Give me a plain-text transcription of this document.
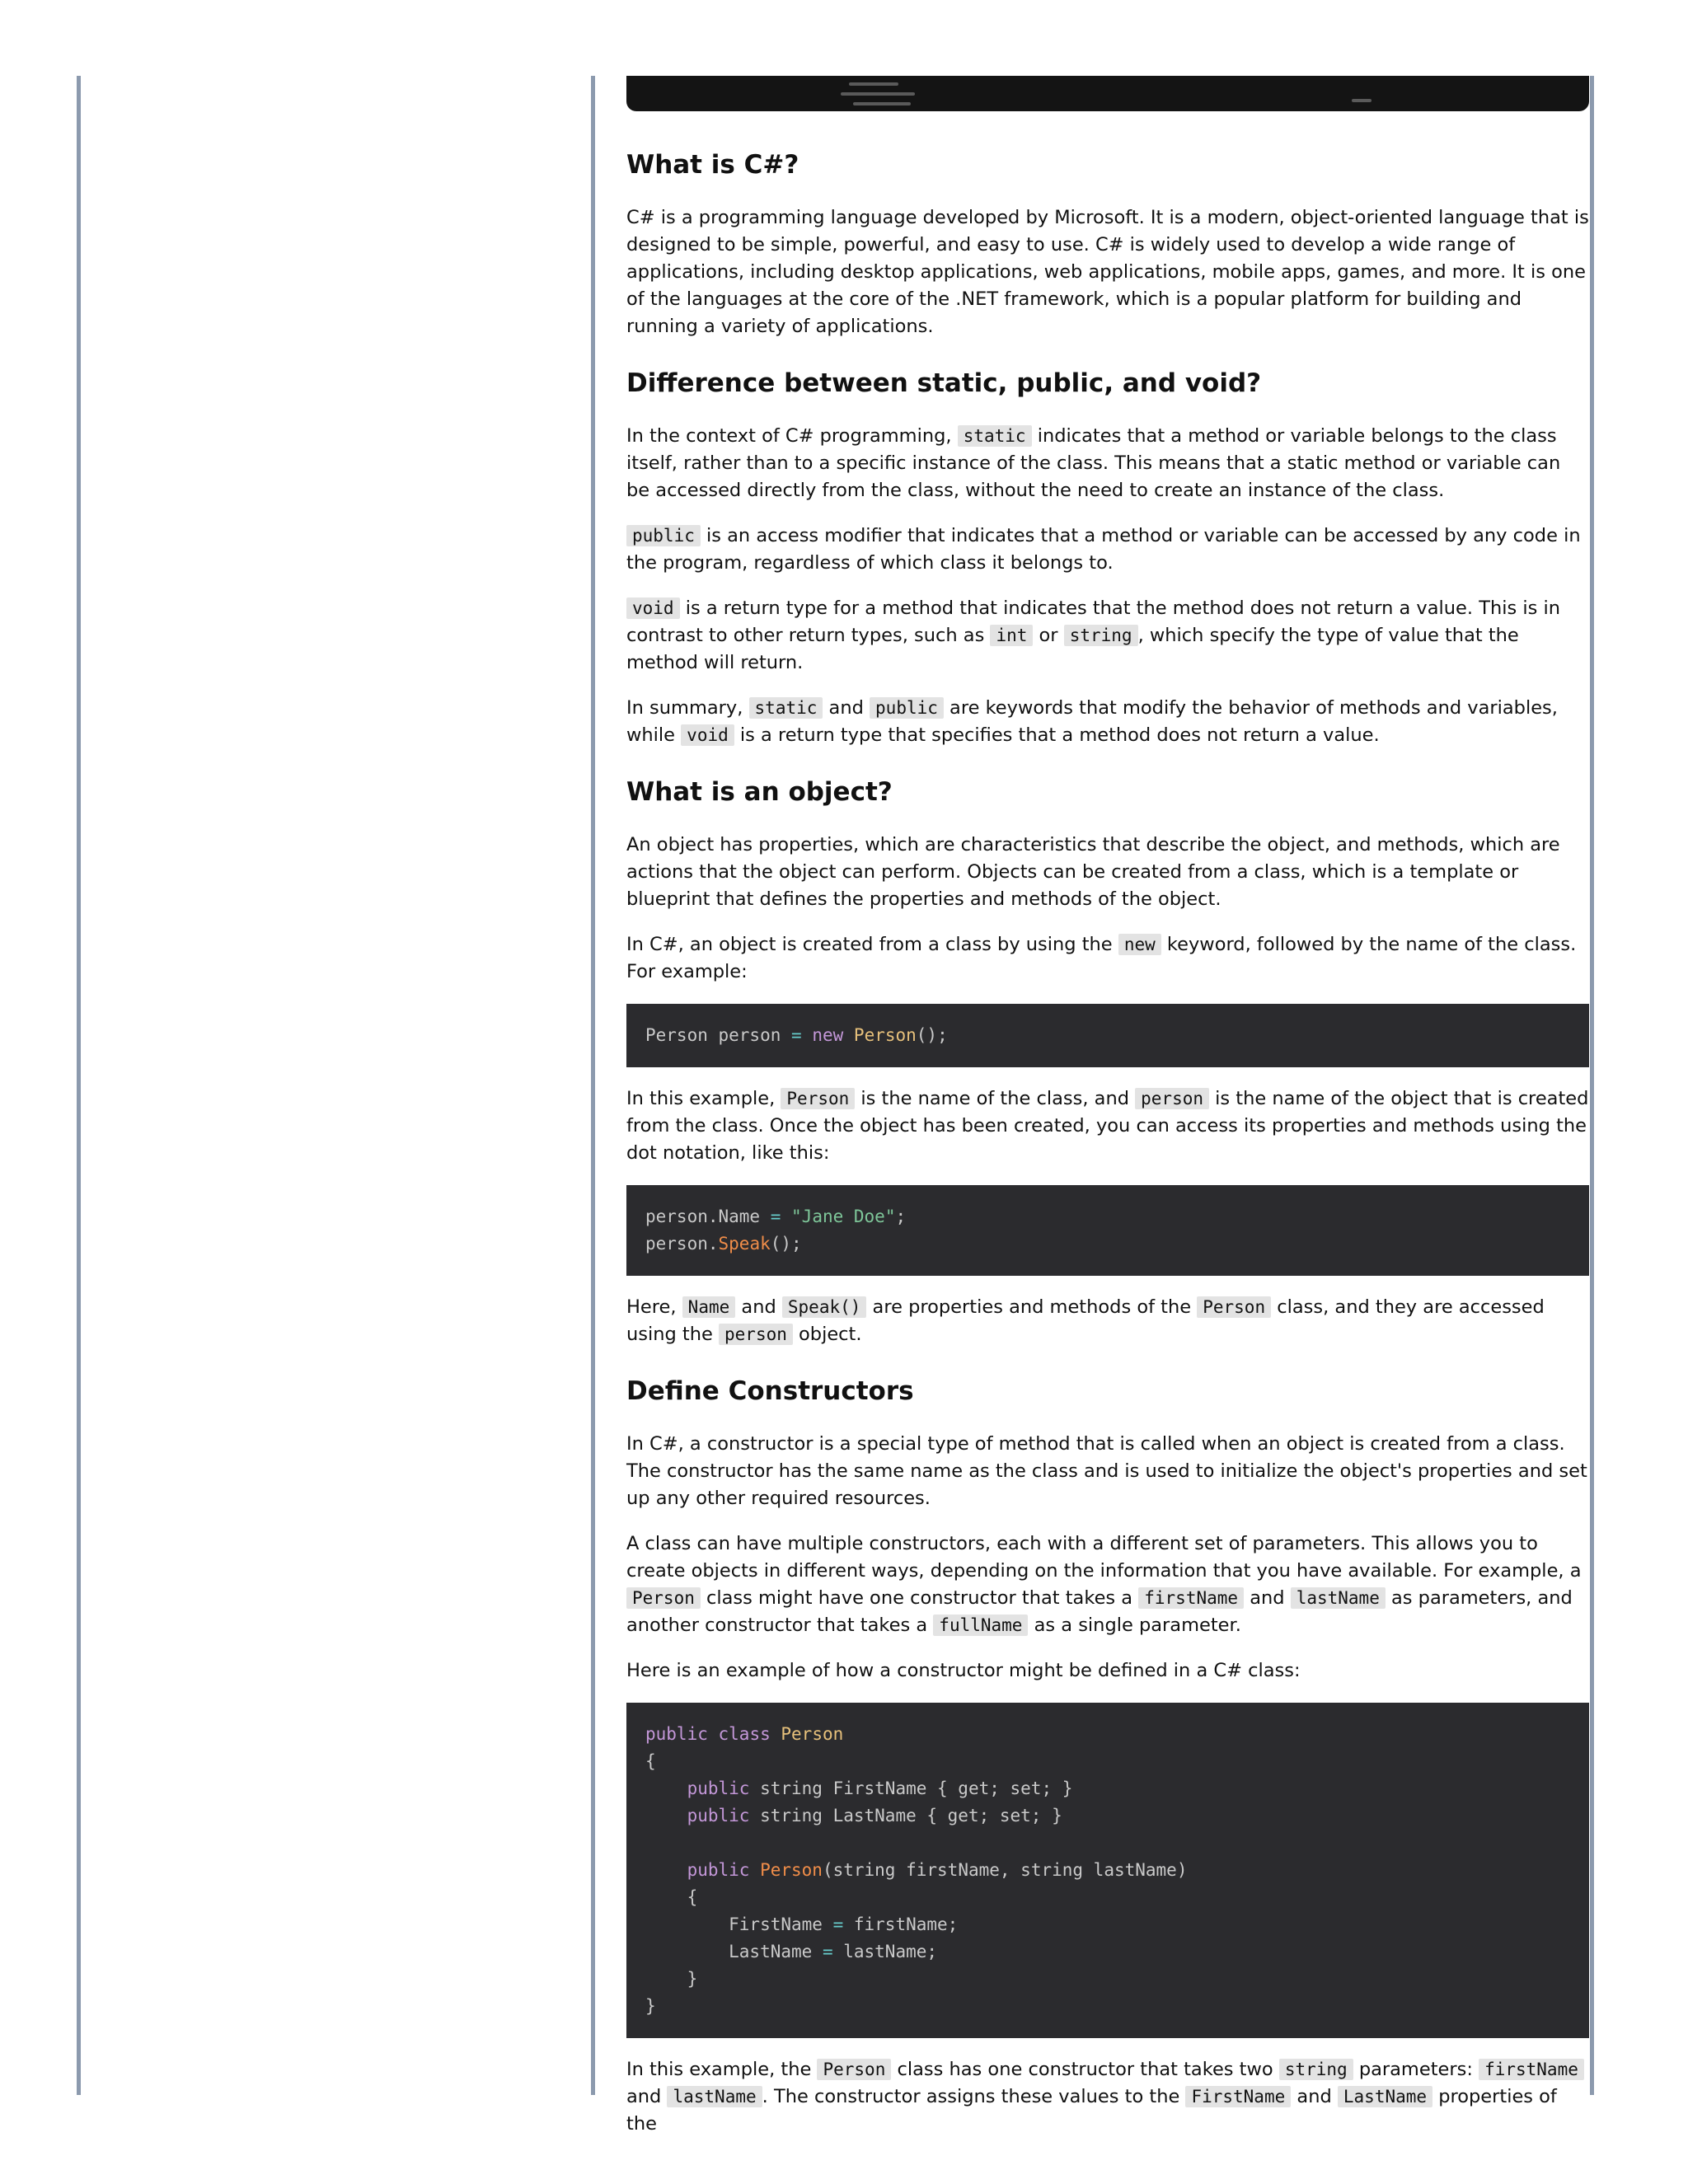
What is C#?

C# is a programming language developed by Microsoft. It is a modern, object-oriented language that is designed to be simple, powerful, and easy to use. C# is widely used to develop a wide range of applications, including desktop applications, web applications, mobile apps, games, and more. It is one of the languages at the core of the .NET framework, which is a popular platform for building and running a variety of applications.

Difference between static, public, and void?

In the context of C# programming, static indicates that a method or variable belongs to the class itself, rather than to a specific instance of the class. This means that a static method or variable can be accessed directly from the class, without the need to create an instance of the class.

public is an access modifier that indicates that a method or variable can be accessed by any code in the program, regardless of which class it belongs to.

void is a return type for a method that indicates that the method does not return a value. This is in contrast to other return types, such as int or string , which specify the type of value that the method will return.

In summary, static and public are keywords that modify the behavior of methods and variables, while void is a return type that specifies that a method does not return a value.

What is an object?

An object has properties, which are characteristics that describe the object, and methods, which are actions that the object can perform. Objects can be created from a class, which is a template or blueprint that defines the properties and methods of the object.

In C#, an object is created from a class by using the new keyword, followed by the name of the class. For example:

Person person = new Person();

In this example, Person is the name of the class, and person is the name of the object that is created from the class. Once the object has been created, you can access its properties and methods using the dot notation, like this:

person.Name = "Jane Doe";
person.Speak();

Here, Name and Speak() are properties and methods of the Person class, and they are accessed using the person object.

Define Constructors

In C#, a constructor is a special type of method that is called when an object is created from a class. The constructor has the same name as the class and is used to initialize the object's properties and set up any other required resources.

A class can have multiple constructors, each with a different set of parameters. This allows you to create objects in different ways, depending on the information that you have available. For example, a Person class might have one constructor that takes a firstName and lastName as parameters, and another constructor that takes a fullName as a single parameter.

Here is an example of how a constructor might be defined in a C# class:

public class Person
{
public string FirstName { get; set; }
public string LastName { get; set; }

public Person(string firstName, string lastName)
{
FirstName = firstName;
LastName = lastName;
}
}

In this example, the Person class has one constructor that takes two string parameters: firstName and lastName . The constructor assigns these values to the FirstName and LastName properties of the
